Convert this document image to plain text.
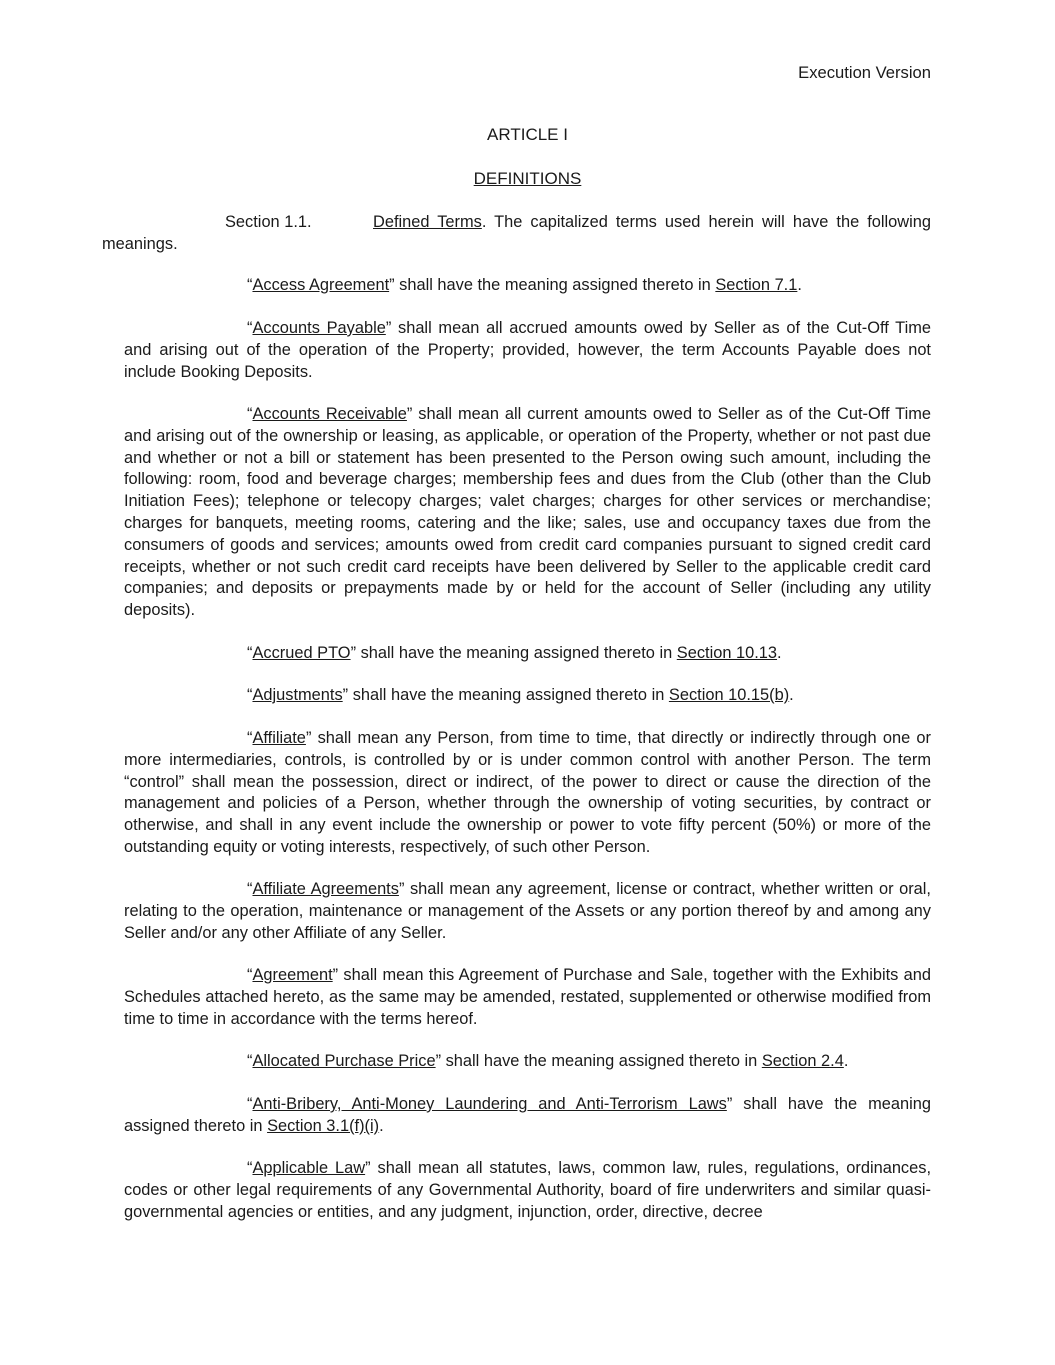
Execution Version
ARTICLE I
DEFINITIONS
Section 1.1.	Defined Terms. The capitalized terms used herein will have the following
meanings.

“Access Agreement” shall have the meaning assigned thereto in Section 7.1.

“Accounts Payable” shall mean all accrued amounts owed by Seller as of the Cut-Off Time and arising out of the operation of the Property; provided, however, the term Accounts Payable does not include Booking Deposits.

“Accounts Receivable” shall mean all current amounts owed to Seller as of the Cut-Off Time and arising out of the ownership or leasing, as applicable, or operation of the Property, whether or not past due and whether or not a bill or statement has been presented to the Person owing such amount, including the following: room, food and beverage charges; membership fees and dues from the Club (other than the Club Initiation Fees); telephone or telecopy charges; valet charges; charges for other services or merchandise; charges for banquets, meeting rooms, catering and the like; sales, use and occupancy taxes due from the consumers of goods and services; amounts owed from credit card companies pursuant to signed credit card receipts, whether or not such credit card receipts have been delivered by Seller to the applicable credit card companies; and deposits or prepayments made by or held for the account of Seller (including any utility deposits).

“Accrued PTO” shall have the meaning assigned thereto in Section 10.13.

“Adjustments” shall have the meaning assigned thereto in Section 10.15(b).

“Affiliate” shall mean any Person, from time to time, that directly or indirectly through one or more intermediaries, controls, is controlled by or is under common control with another Person. The term “control” shall mean the possession, direct or indirect, of the power to direct or cause the direction of the management and policies of a Person, whether through the ownership of voting securities, by contract or otherwise, and shall in any event include the ownership or power to vote fifty percent (50%) or more of the outstanding equity or voting interests, respectively, of such other Person.

“Affiliate Agreements” shall mean any agreement, license or contract, whether written or oral, relating to the operation, maintenance or management of the Assets or any portion thereof by and among any Seller and/or any other Affiliate of any Seller.

“Agreement” shall mean this Agreement of Purchase and Sale, together with the Exhibits and Schedules attached hereto, as the same may be amended, restated, supplemented or otherwise modified from time to time in accordance with the terms hereof.

“Allocated Purchase Price” shall have the meaning assigned thereto in Section 2.4.

“Anti-Bribery, Anti-Money Laundering and Anti-Terrorism Laws” shall have the meaning assigned thereto in Section 3.1(f)(i).

“Applicable Law” shall mean all statutes, laws, common law, rules, regulations, ordinances, codes or other legal requirements of any Governmental Authority, board of fire underwriters and similar quasi-governmental agencies or entities, and any judgment, injunction, order, directive, decree
